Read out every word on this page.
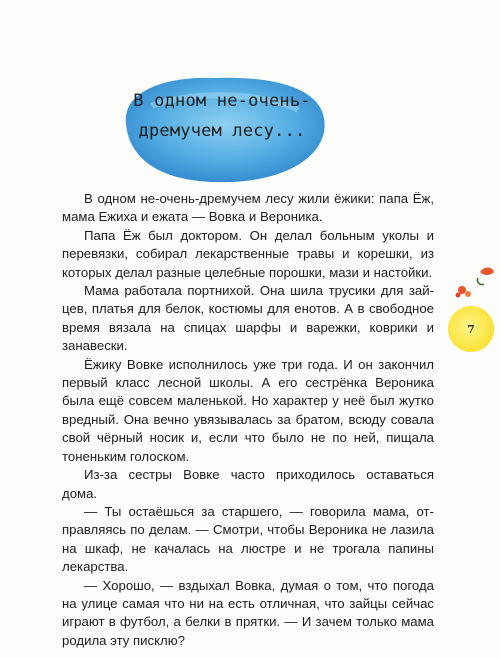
В одном не-очень-
дремучем лесу...

В одном не-очень-дремучем лесу жили ёжики: папа Ёж, мама Ежиха и ежата — Вовка и Вероника.

Папа Ёж был доктором. Он делал больным уколы и перевязки, собирал лекарственные травы и корешки, из которых делал разные целебные порошки, мази и настойки.

Мама работала портнихой. Она шила трусики для зайцев, платья для белок, костюмы для енотов. А в свободное время вязала на спицах шарфы и варежки, коврики и занавески.

Ёжику Вовке исполнилось уже три года. И он закончил первый класс лесной школы. А его сестрёнка Вероника была ещё совсем маленькой. Но характер у неё был жутко вредный. Она вечно увязывалась за братом, всюду совала свой чёрный носик и, если что было не по ней, пищала тоненьким голоском.

Из-за сестры Вовке часто приходилось оставаться дома.

— Ты остаёшься за старшего, — говорила мама, отправляясь по делам. — Смотри, чтобы Вероника не лазила на шкаф, не качалась на люстре и не трогала папины лекарства.

— Хорошо, — вздыхал Вовка, думая о том, что погода на улице самая что ни на есть отличная, что зайцы сейчас играют в футбол, а белки в прятки. — И зачем только мама родила эту писклю?

7
